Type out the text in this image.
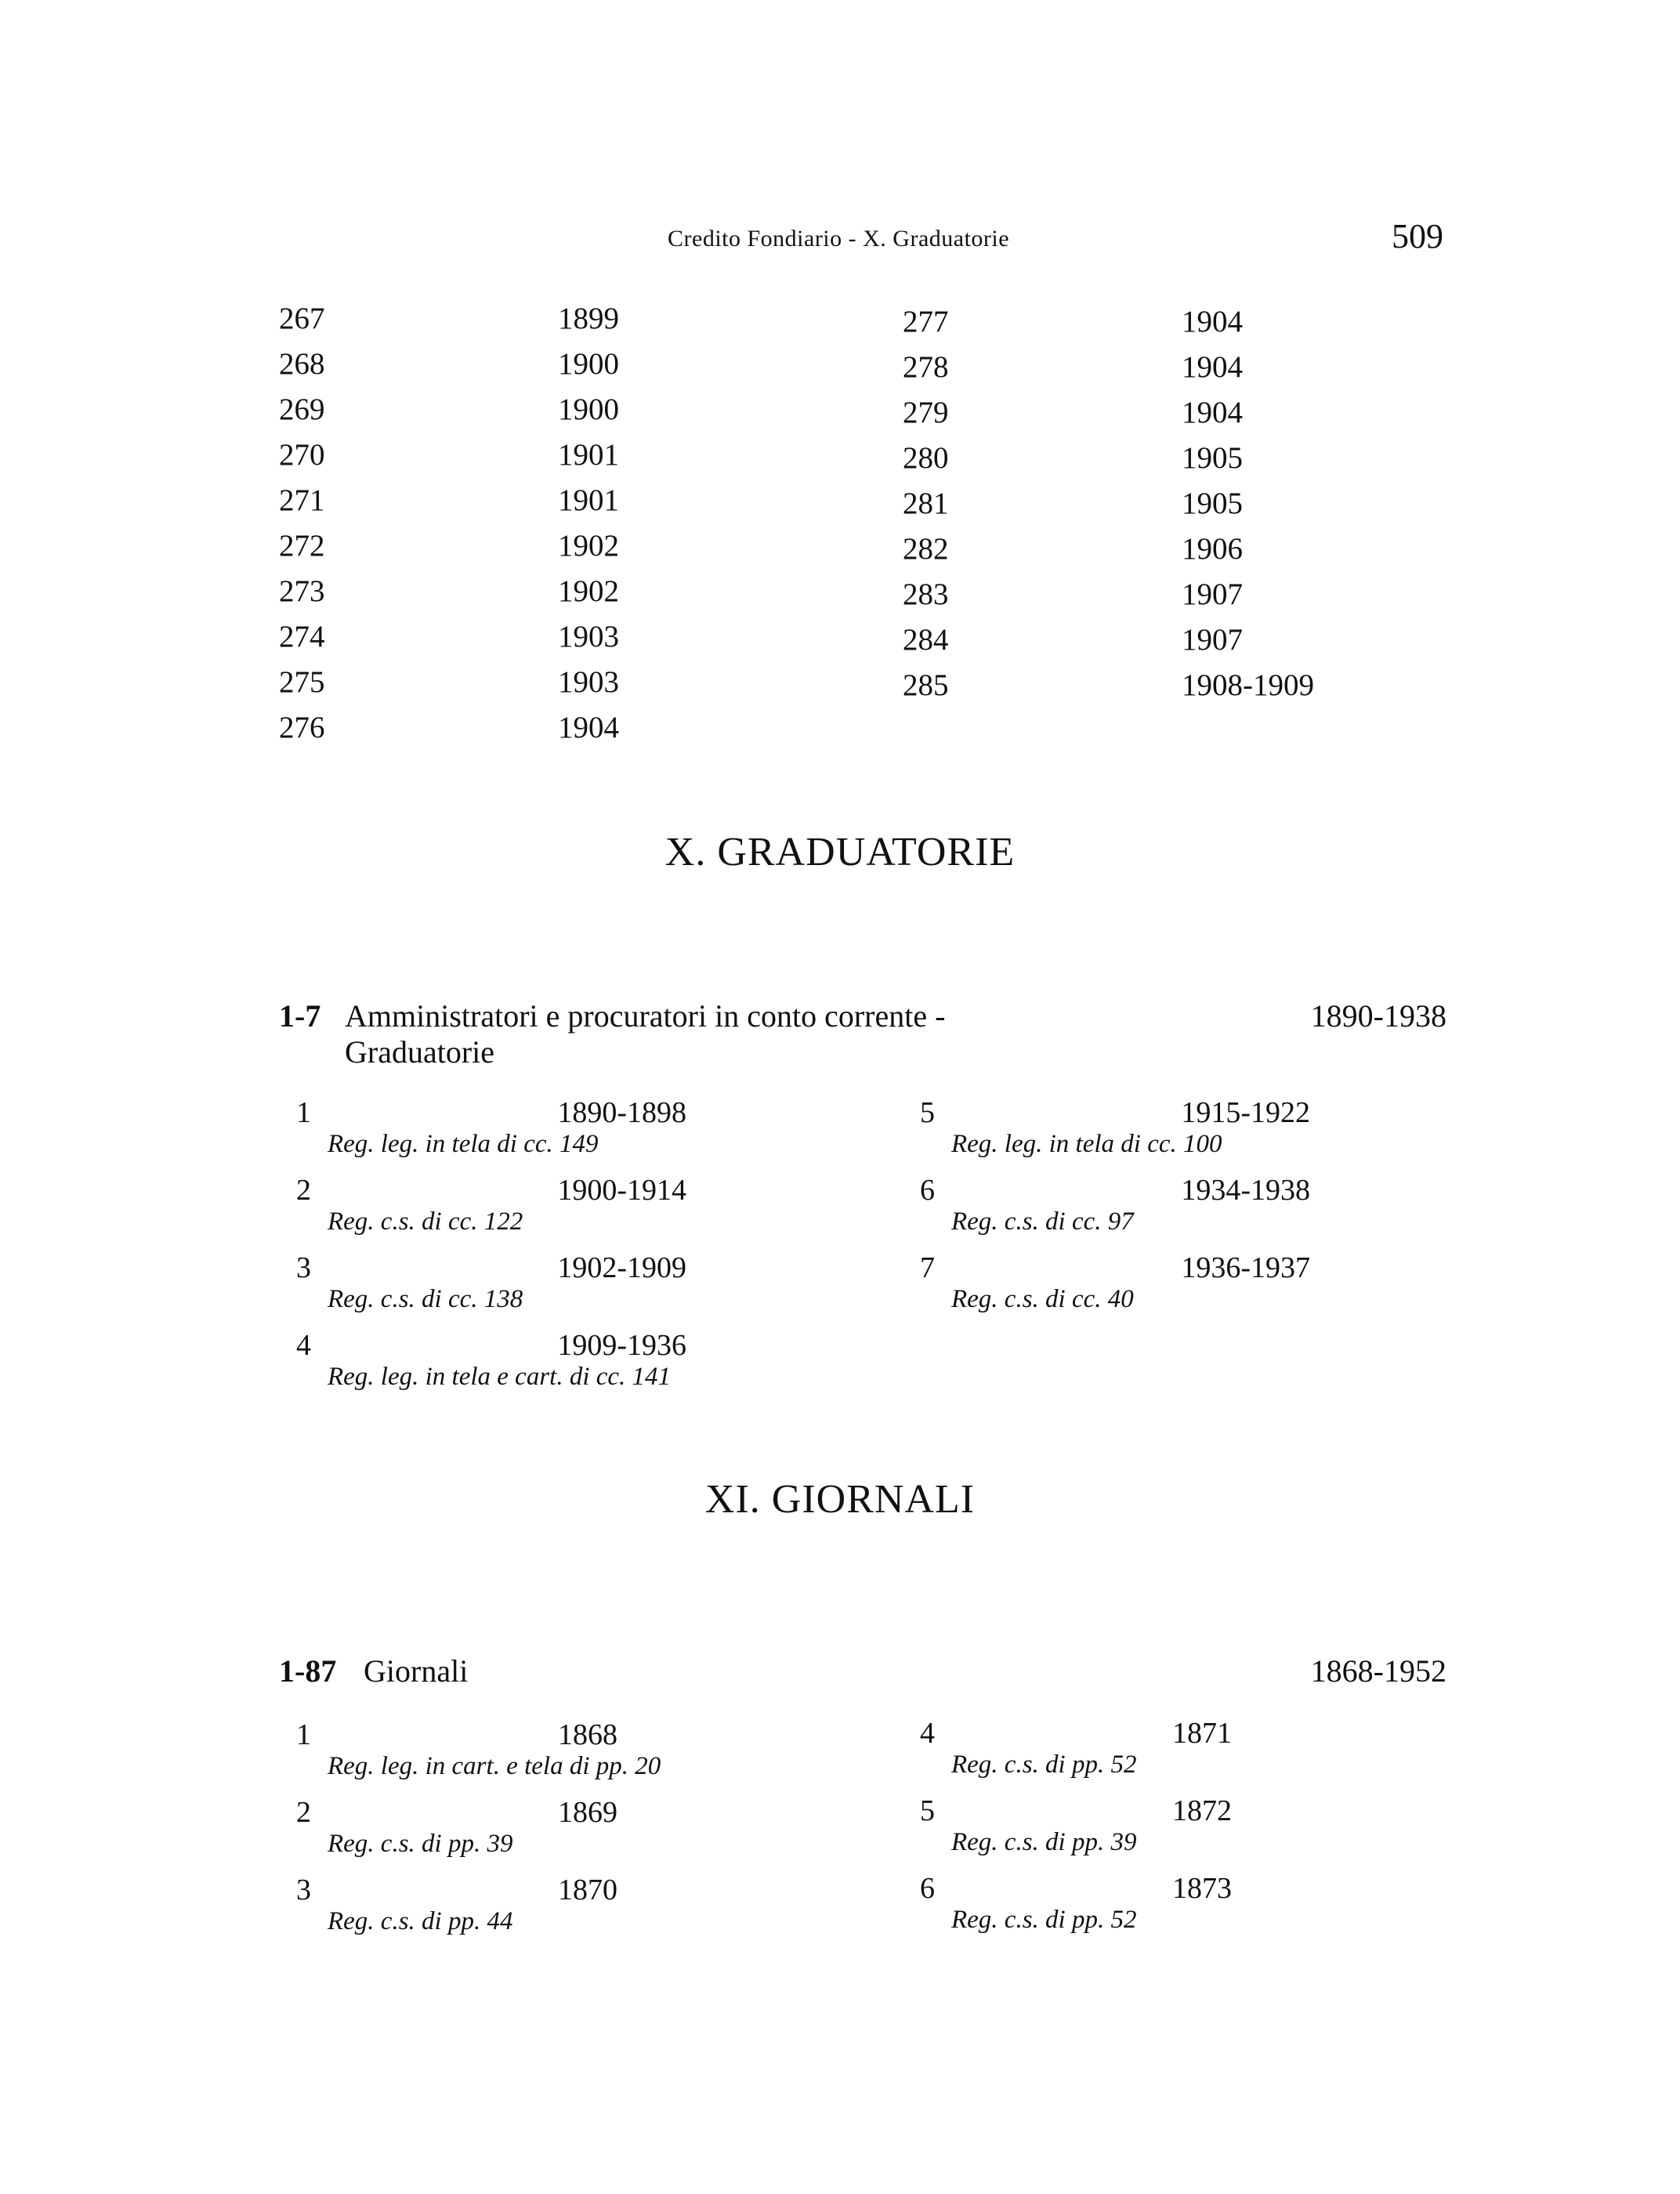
Credito Fondiario - X. Graduatorie	509
267	1899
268	1900
269	1900
270	1901
271	1901
272	1902
273	1902
274	1903
275	1903
276	1904
277	1904
278	1904
279	1904
280	1905
281	1905
282	1906
283	1907
284	1907
285	1908-1909
X. GRADUATORIE
1-7 Amministratori e procuratori in conto corrente -
Graduatorie
1890-1938
1	1890-1898
Reg. leg. in tela di cc. 149
2	1900-1914
Reg. c.s. di cc. 122
3	1902-1909
Reg. c.s. di cc. 138
4	1909-1936
Reg. leg. in tela e cart. di cc. 141
5	1915-1922
Reg. leg. in tela di cc. 100
6	1934-1938
Reg. c.s. di cc. 97
7	1936-1937
Reg. c.s. di cc. 40
XI. GIORNALI
1-87 Giornali	1868-1952
1	1868
Reg. leg. in cart. e tela di pp. 20
2	1869
Reg. c.s. di pp. 39
3	1870
Reg. c.s. di pp. 44
4	1871
Reg. c.s. di pp. 52
5	1872
Reg. c.s. di pp. 39
6	1873
Reg. c.s. di pp. 52
